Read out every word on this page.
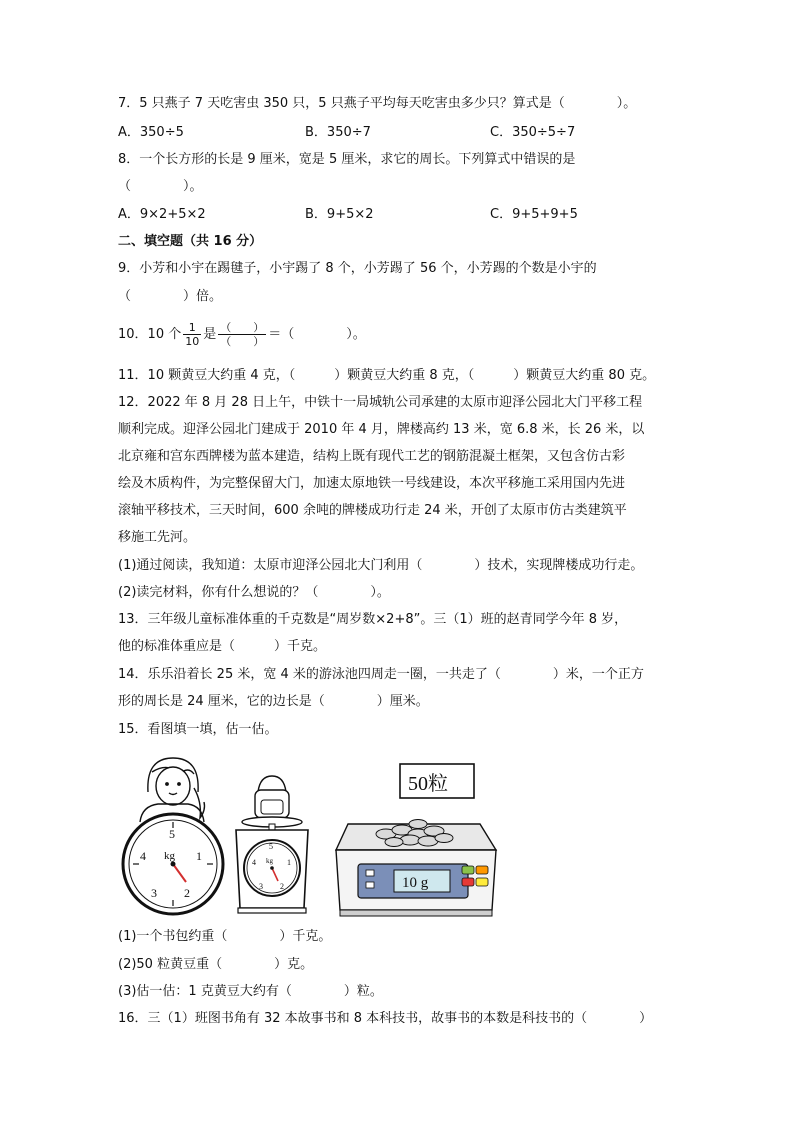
7．5 只燕子 7 天吃害虫 350 只，5 只燕子平均每天吃害虫多少只？算式是（　　　　）。
A．350÷5	B．350÷7	C．350÷5÷7
8．一个长方形的长是 9 厘米，宽是 5 厘米，求它的周长。下列算式中错误的是
（　　　　）。
A．9×2+5×2	B．9+5×2	C．9+5+9+5
二、填空题（共 16 分）
9．小芳和小宇在踢毽子，小宇踢了 8 个，小芳踢了 56 个，小芳踢的个数是小宇的
（　　　　）倍。
10．10 个 $\frac{1}{10}$ 是 $\frac{( )}{( )}$ ＝（　　　　）。
11．10 颗黄豆大约重 4 克，（　　　）颗黄豆大约重 8 克，（　　　）颗黄豆大约重 80 克。
12．2022 年 8 月 28 日上午，中铁十一局城轨公司承建的太原市迎泽公园北大门平移工程
顺利完成。迎泽公园北门建成于 2010 年 4 月，牌楼高约 13 米，宽 6.8 米，长 26 米，以
北京雍和宫东西牌楼为蓝本建造，结构上既有现代工艺的钢筋混凝土框架，又包含仿古彩
绘及木质构件，为完整保留大门，加速太原地铁一号线建设，本次平移施工采用国内先进
滚轴平移技术，三天时间，600 余吨的牌楼成功行走 24 米，开创了太原市仿古类建筑平
移施工先河。
(1)通过阅读，我知道：太原市迎泽公园北大门利用（　　　　）技术，实现牌楼成功行走。
(2)读完材料，你有什么想说的？（　　　　）。
13．三年级儿童标准体重的千克数是“周岁数×2+8”。三（1）班的赵青同学今年 8 岁，
他的标准体重应是（　　　）千克。
14．乐乐沿着长 25 米，宽 4 米的游泳池四周走一圈，一共走了（　　　　）米，一个正方
形的周长是 24 厘米，它的边长是（　　　　）厘米。
15．看图填一填，估一估。
5
1
2
3
4 kg
5
1
2
3
4 kg
50粒
10 g
(1)一个书包约重（　　　　）千克。
(2)50 粒黄豆重（　　　　）克。
(3)估一估：1 克黄豆大约有（　　　　）粒。
16．三（1）班图书角有 32 本故事书和 8 本科技书，故事书的本数是科技书的（　　　　）
